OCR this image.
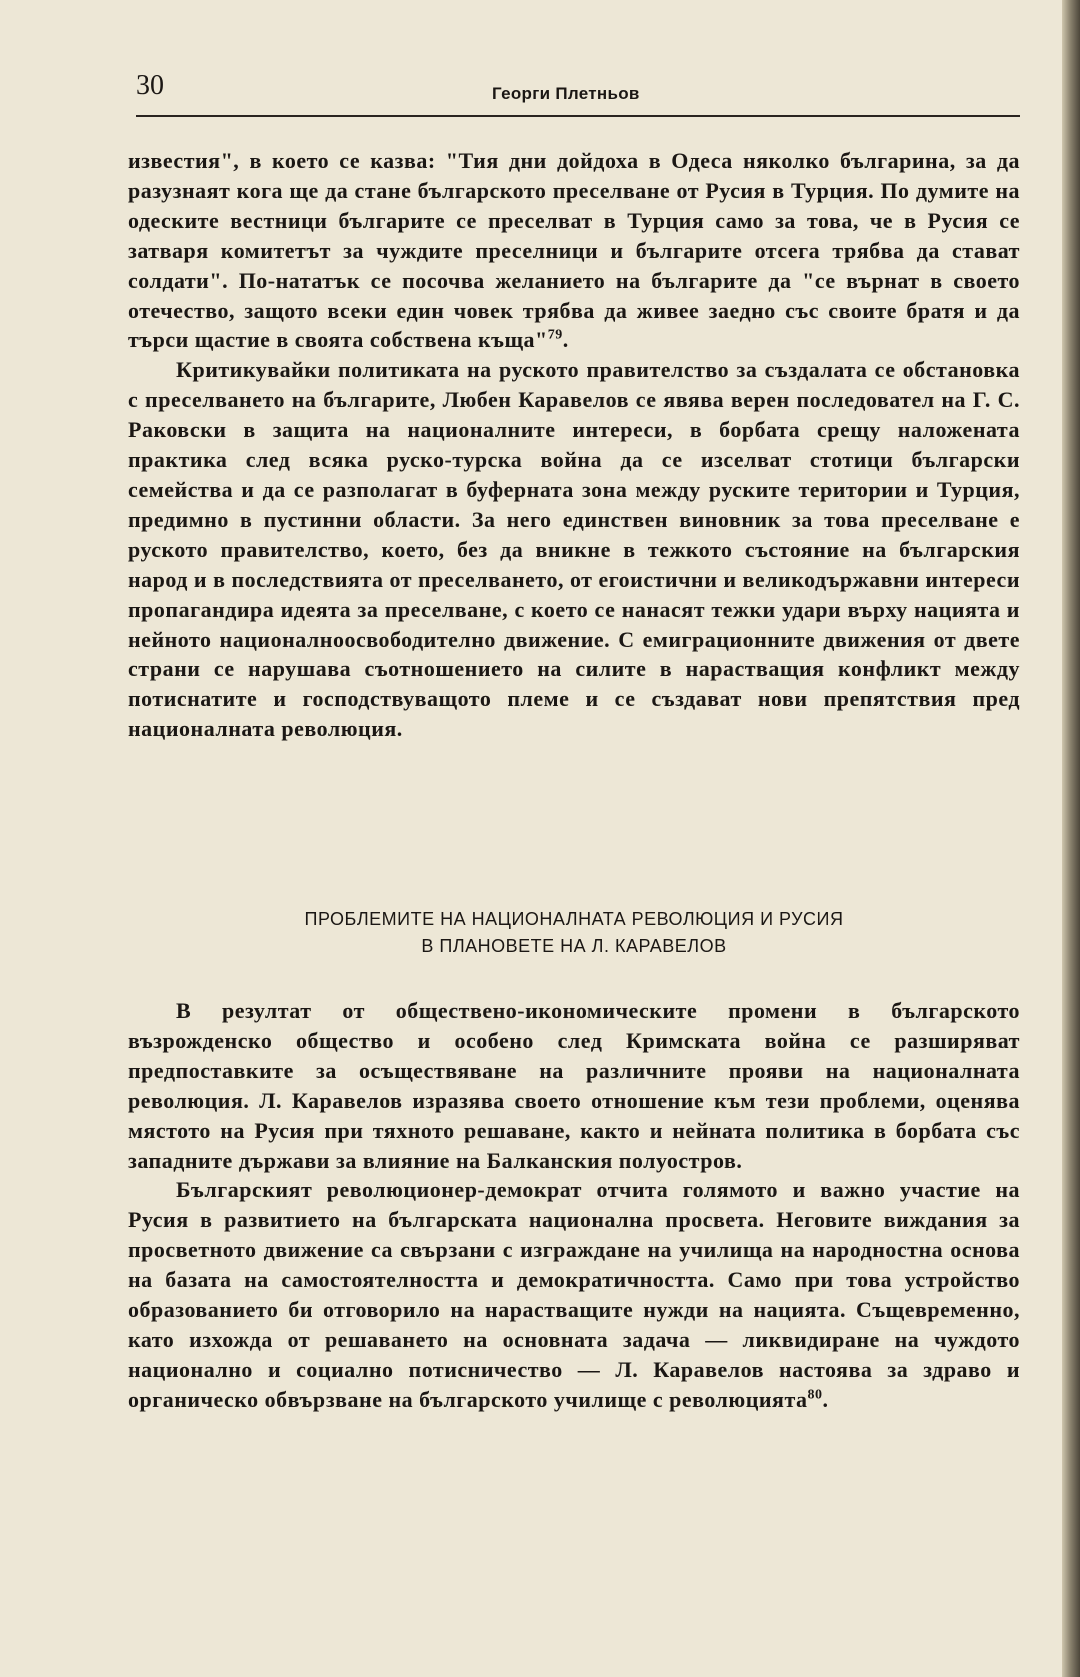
30	Георги Плетньов

известия", в което се казва: "Тия дни дойдоха в Одеса няколко българина, за да разузнаят кога ще да стане българското преселване от Русия в Турция. По думите на одеските вестници българите се преселват в Турция само за това, че в Русия се затваря комитетът за чуждите преселници и българите отсега трябва да стават солдати". По-нататък се посочва желанието на българите да "се върнат в своето отечество, защото всеки един човек трябва да живее заедно със своите братя и да търси щастие в своята собствена къща"$^{79}$.

Критикувайки политиката на руското правителство за създалата се обстановка с преселването на българите, Любен Каравелов се явява верен последовател на Г. С. Раковски в защита на националните интереси, в борбата срещу наложената практика след всяка руско-турска война да се изселват стотици български семейства и да се разполагат в буферната зона между руските територии и Турция, предимно в пустинни области. За него единствен виновник за това преселване е руското правителство, което, без да вникне в тежкото състояние на българския народ и в последствията от преселването, от егоистични и великодържавни интереси пропагандира идеята за преселване, с което се нанасят тежки удари върху нацията и нейното националноосвободително движение. С емиграционните движения от двете страни се нарушава съотношението на силите в нарастващия конфликт между потиснатите и господствуващото племе и се създават нови препятствия пред националната революция.

ПРОБЛЕМИТЕ НА НАЦИОНАЛНАТА РЕВОЛЮЦИЯ И РУСИЯ
В ПЛАНОВЕТЕ НА Л. КАРАВЕЛОВ

В резултат от обществено-икономическите промени в българското възрожденско общество и особено след Кримската война се разширяват предпоставките за осъществяване на различните прояви на националната революция. Л. Каравелов изразява своето отношение към тези проблеми, оценява мястото на Русия при тяхното решаване, както и нейната политика в борбата със западните държави за влияние на Балканския полуостров.

Българският революционер-демократ отчита голямото и важно участие на Русия в развитието на българската национална просвета. Неговите виждания за просветното движение са свързани с изграждане на училища на народностна основа на базата на самостоятелността и демократичността. Само при това устройство образованието би отговорило на нарастващите нужди на нацията. Същевременно, като изхожда от решаването на основната задача — ликвидиране на чуждото национално и социално потисничество — Л. Каравелов настоява за здраво и органическо обвързване на българското училище с революцията$^{80}$.
